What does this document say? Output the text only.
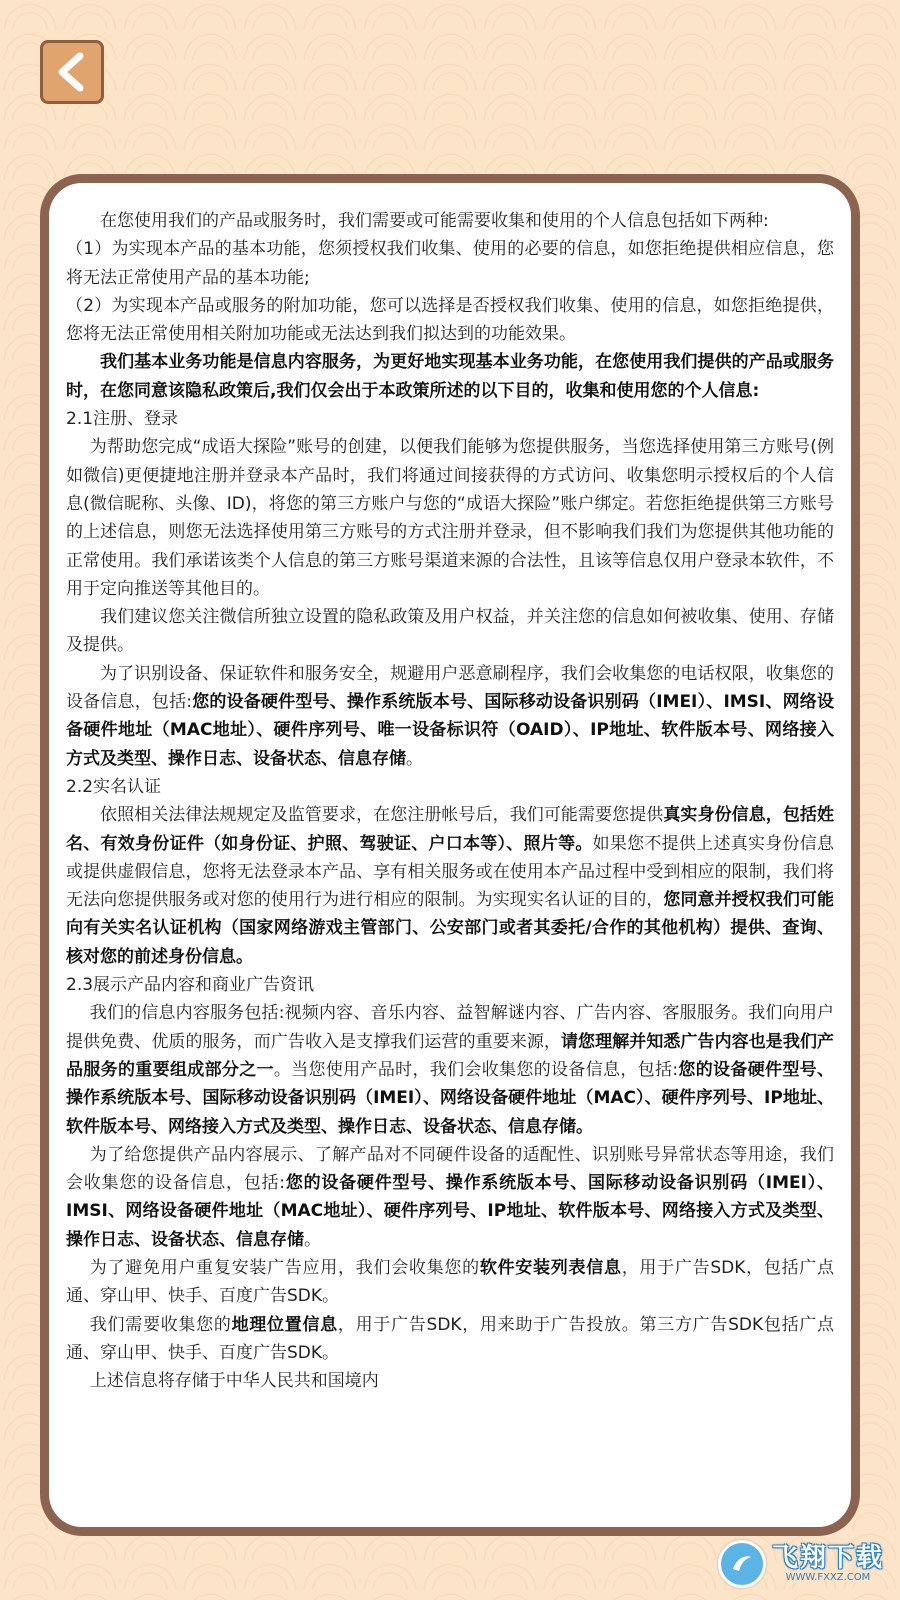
在您使用我们的产品或服务时，我们需要或可能需要收集和使用的个人信息包括如下两种:

（1）为实现本产品的基本功能，您须授权我们收集、使用的必要的信息，如您拒绝提供相应信息，您将无法正常使用产品的基本功能;

（2）为实现本产品或服务的附加功能，您可以选择是否授权我们收集、使用的信息，如您拒绝提供，您将无法正常使用相关附加功能或无法达到我们拟达到的功能效果。

我们基本业务功能是信息内容服务，为更好地实现基本业务功能，在您使用我们提供的产品或服务时，在您同意该隐私政策后,我们仅会出于本政策所述的以下目的，收集和使用您的个人信息:

2.1注册、登录

为帮助您完成“成语大探险”账号的创建，以便我们能够为您提供服务，当您选择使用第三方账号(例如微信)更便捷地注册并登录本产品时，我们将通过间接获得的方式访问、收集您明示授权后的个人信息(微信昵称、头像、ID)，将您的第三方账户与您的“成语大探险”账户绑定。若您拒绝提供第三方账号的上述信息，则您无法选择使用第三方账号的方式注册并登录，但不影响我们我们为您提供其他功能的正常使用。我们承诺该类个人信息的第三方账号渠道来源的合法性，且该等信息仅用户登录本软件，不用于定向推送等其他目的。

我们建议您关注微信所独立设置的隐私政策及用户权益，并关注您的信息如何被收集、使用、存储及提供。

为了识别设备、保证软件和服务安全，规避用户恶意刷程序，我们会收集您的电话权限，收集您的设备信息，包括:您的设备硬件型号、操作系统版本号、国际移动设备识别码（IMEI）、IMSI、网络设备硬件地址（MAC地址）、硬件序列号、唯一设备标识符（OAID）、IP地址、软件版本号、网络接入方式及类型、操作日志、设备状态、信息存储。

2.2实名认证

依照相关法律法规规定及监管要求，在您注册帐号后，我们可能需要您提供真实身份信息，包括姓名、有效身份证件（如身份证、护照、驾驶证、户口本等）、照片等。如果您不提供上述真实身份信息或提供虚假信息，您将无法登录本产品、享有相关服务或在使用本产品过程中受到相应的限制，我们将无法向您提供服务或对您的使用行为进行相应的限制。为实现实名认证的目的，您同意并授权我们可能向有关实名认证机构（国家网络游戏主管部门、公安部门或者其委托/合作的其他机构）提供、查询、核对您的前述身份信息。

2.3展示产品内容和商业广告资讯

我们的信息内容服务包括:视频内容、音乐内容、益智解谜内容、广告内容、客服服务。我们向用户提供免费、优质的服务，而广告收入是支撑我们运营的重要来源，请您理解并知悉广告内容也是我们产品服务的重要组成部分之一。当您使用产品时，我们会收集您的设备信息，包括:您的设备硬件型号、操作系统版本号、国际移动设备识别码（IMEI）、网络设备硬件地址（MAC）、硬件序列号、IP地址、软件版本号、网络接入方式及类型、操作日志、设备状态、信息存储。

为了给您提供产品内容展示、了解产品对不同硬件设备的适配性、识别账号异常状态等用途，我们会收集您的设备信息，包括:您的设备硬件型号、操作系统版本号、国际移动设备识别码（IMEI）、IMSI、网络设备硬件地址（MAC地址）、硬件序列号、IP地址、软件版本号、网络接入方式及类型、操作日志、设备状态、信息存储。

为了避免用户重复安装广告应用，我们会收集您的软件安装列表信息，用于广告SDK，包括广点通、穿山甲、快手、百度广告SDK。

我们需要收集您的地理位置信息，用于广告SDK，用来助于广告投放。第三方广告SDK包括广点通、穿山甲、快手、百度广告SDK。

上述信息将存储于中华人民共和国境内

飞翔下载
WWW.FXXZ.COM
